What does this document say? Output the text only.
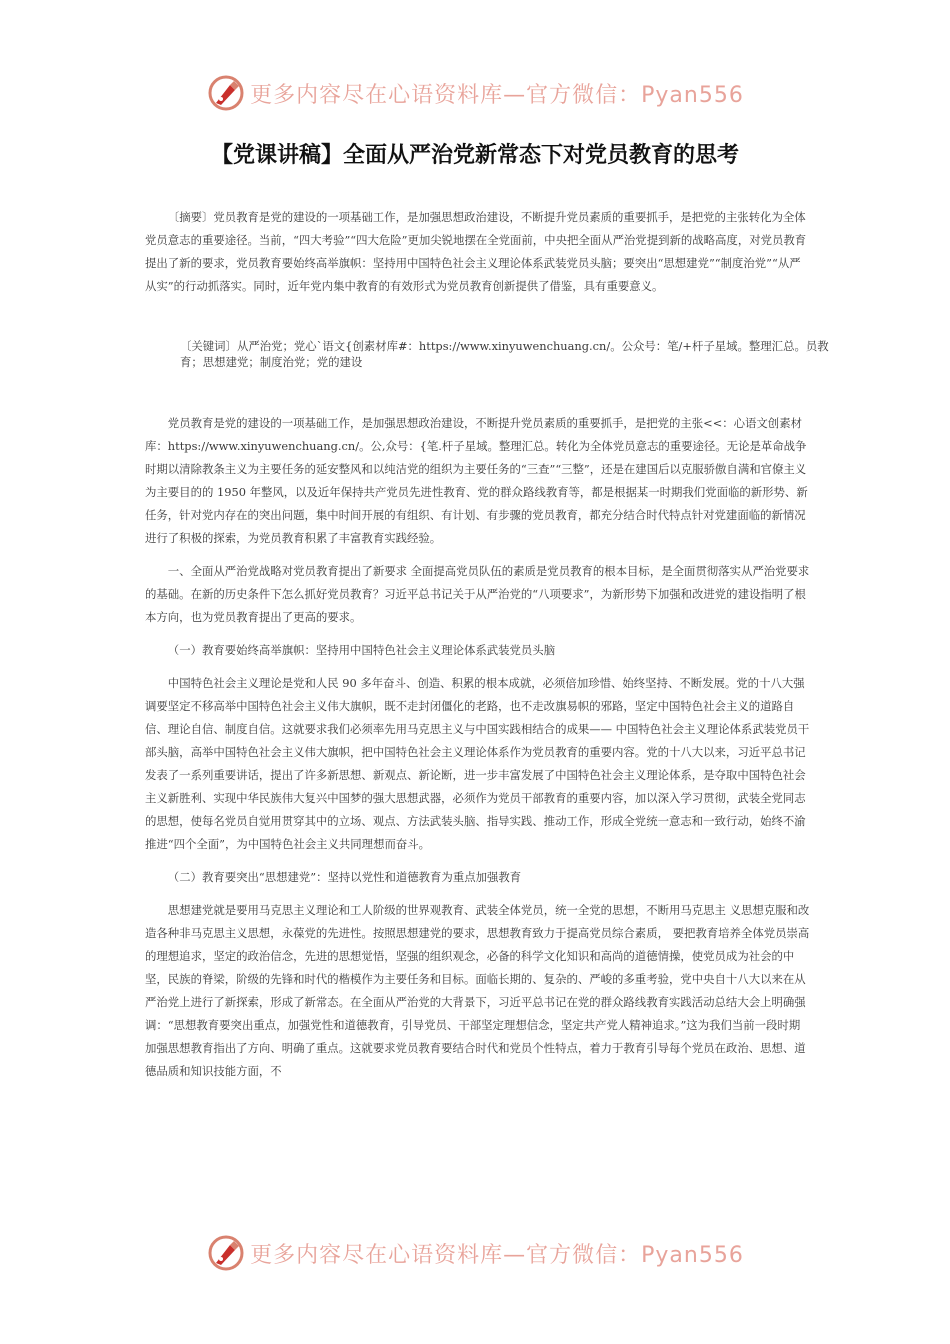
更多内容尽在心语资料库—官方微信：Pyan556
【党课讲稿】全面从严治党新常态下对党员教育的思考

〔摘要〕党员教育是党的建设的一项基础工作，是加强思想政治建设，不断提升党员素质的重要抓手，是把党的主张转化为全体党员意志的重要途径。当前，“四大考验”“四大危险”更加尖锐地摆在全党面前，中央把全面从严治党提到新的战略高度，对党员教育提出了新的要求，党员教育要始终高举旗帜：坚持用中国特色社会主义理论体系武装党员头脑；要突出“思想建党”“制度治党”“从严从实”的行动抓落实。同时，近年党内集中教育的有效形式为党员教育创新提供了借鉴，具有重要意义。

〔关键词〕从严治党；党心`语文{创素材库#：https://www.xinyuwenchuang.cn/。公众号：笔/+杆子星域。整理汇总。员教育；思想建党；制度治党；党的建设

党员教育是党的建设的一项基础工作，是加强思想政治建设，不断提升党员素质的重要抓手，是把党的主张<<：心语文创素材库：https://www.xinyuwenchuang.cn/。公,众号：{笔.杆子星域。整理汇总。转化为全体党员意志的重要途径。无论是革命战争时期以清除教条主义为主要任务的延安整风和以纯洁党的组织为主要任务的“三查”“三整”，还是在建国后以克服骄傲自满和官僚主义为主要目的的 1950 年整风，以及近年保持共产党员先进性教育、党的群众路线教育等，都是根据某一时期我们党面临的新形势、新任务，针对党内存在的突出问题，集中时间开展的有组织、有计划、有步骤的党员教育，都充分结合时代特点针对党建面临的新情况进行了积极的探索，为党员教育积累了丰富教育实践经验。

一、全面从严治党战略对党员教育提出了新要求 全面提高党员队伍的素质是党员教育的根本目标，是全面贯彻落实从严治党要求的基础。在新的历史条件下怎么抓好党员教育？习近平总书记关于从严治党的“八项要求”，为新形势下加强和改进党的建设指明了根本方向，也为党员教育提出了更高的要求。

（一）教育要始终高举旗帜：坚持用中国特色社会主义理论体系武装党员头脑

中国特色社会主义理论是党和人民 90 多年奋斗、创造、积累的根本成就，必须倍加珍惜、始终坚持、不断发展。党的十八大强调要坚定不移高举中国特色社会主义伟大旗帜，既不走封闭僵化的老路，也不走改旗易帜的邪路，坚定中国特色社会主义的道路自信、理论自信、制度自信。这就要求我们必须率先用马克思主义与中国实践相结合的成果—— 中国特色社会主义理论体系武装党员干部头脑，高举中国特色社会主义伟大旗帜，把中国特色社会主义理论体系作为党员教育的重要内容。党的十八大以来，习近平总书记发表了一系列重要讲话，提出了许多新思想、新观点、新论断，进一步丰富发展了中国特色社会主义理论体系，是夺取中国特色社会主义新胜利、实现中华民族伟大复兴中国梦的强大思想武器，必须作为党员干部教育的重要内容，加以深入学习贯彻，武装全党同志的思想，使每名党员自觉用贯穿其中的立场、观点、方法武装头脑、指导实践、推动工作，形成全党统一意志和一致行动，始终不渝推进“四个全面”，为中国特色社会主义共同理想而奋斗。

（二）教育要突出“思想建党”：坚持以党性和道德教育为重点加强教育

思想建党就是要用马克思主义理论和工人阶级的世界观教育、武装全体党员，统一全党的思想，不断用马克思主 义思想克服和改造各种非马克思主义思想，永葆党的先进性。按照思想建党的要求，思想教育致力于提高党员综合素质， 要把教育培养全体党员崇高的理想追求，坚定的政治信念，先进的思想觉悟，坚强的组织观念，必备的科学文化知识和高尚的道德情操，使党员成为社会的中坚，民族的脊梁，阶级的先锋和时代的楷模作为主要任务和目标。面临长期的、复杂的、严峻的多重考验，党中央自十八大以来在从严治党上进行了新探索，形成了新常态。在全面从严治党的大背景下，习近平总书记在党的群众路线教育实践活动总结大会上明确强调：“思想教育要突出重点，加强党性和道德教育，引导党员、干部坚定理想信念，坚定共产党人精神追求。”这为我们当前一段时期加强思想教育指出了方向、明确了重点。这就要求党员教育要结合时代和党员个性特点，着力于教育引导每个党员在政治、思想、道德品质和知识技能方面，不

更多内容尽在心语资料库—官方微信：Pyan556
